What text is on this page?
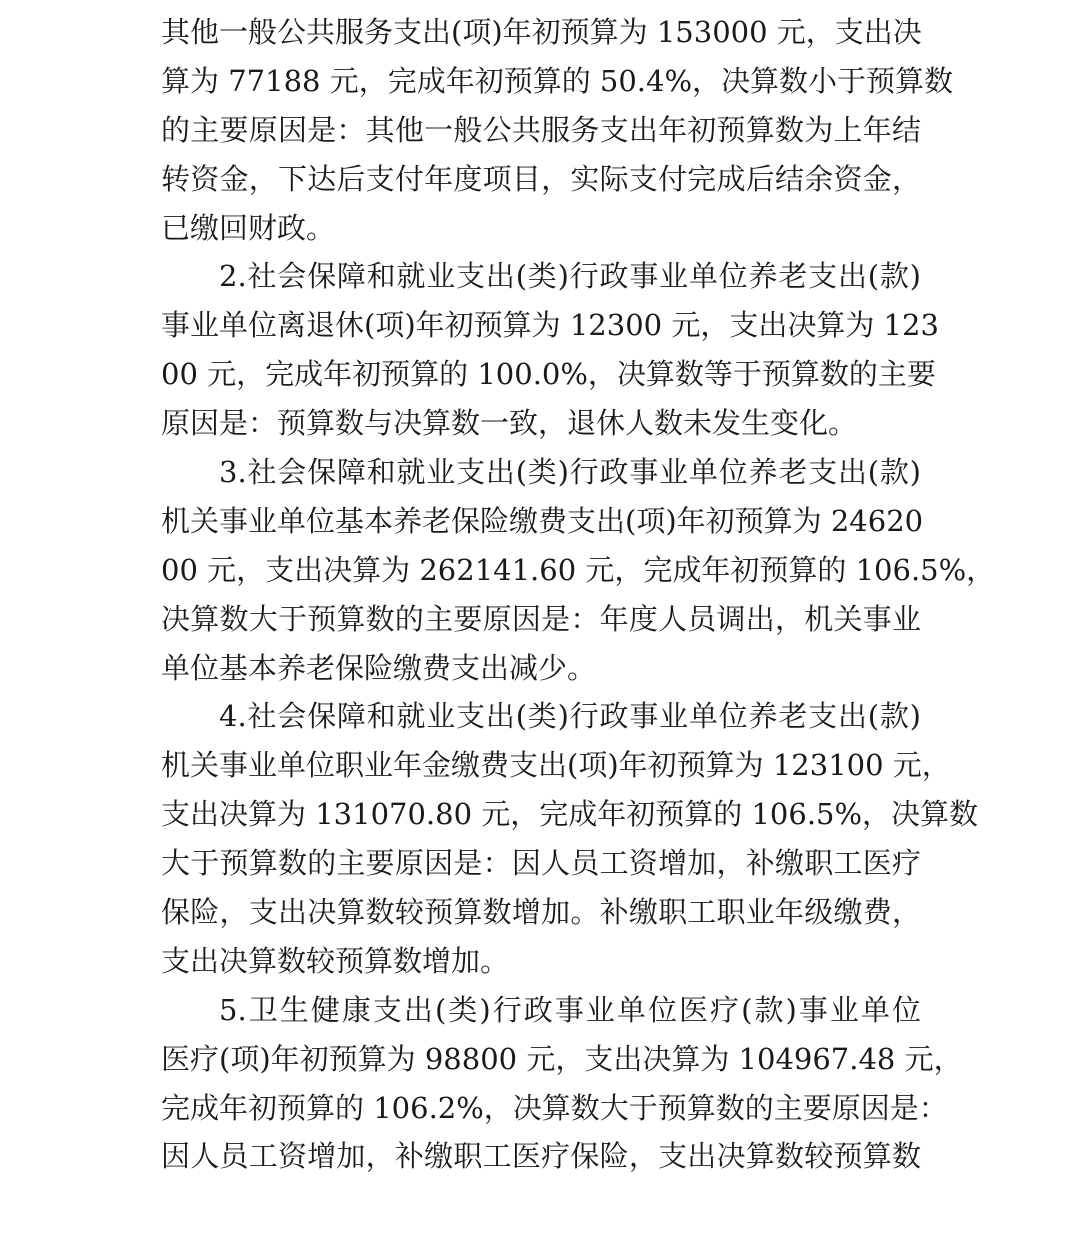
其他一般公共服务支出(项)年初预算为 153000 元，支出决
算为 77188 元，完成年初预算的 50.4%，决算数小于预算数
的主要原因是：其他一般公共服务支出年初预算数为上年结
转资金，下达后支付年度项目，实际支付完成后结余资金，
已缴回财政。
2.社会保障和就业支出(类)行政事业单位养老支出(款)
事业单位离退休(项)年初预算为 12300 元，支出决算为 123
00 元，完成年初预算的 100.0%，决算数等于预算数的主要
原因是：预算数与决算数一致，退休人数未发生变化。
3.社会保障和就业支出(类)行政事业单位养老支出(款)
机关事业单位基本养老保险缴费支出(项)年初预算为 24620
00 元，支出决算为 262141.60 元，完成年初预算的 106.5%，
决算数大于预算数的主要原因是：年度人员调出，机关事业
单位基本养老保险缴费支出减少。
4.社会保障和就业支出(类)行政事业单位养老支出(款)
机关事业单位职业年金缴费支出(项)年初预算为 123100 元，
支出决算为 131070.80 元，完成年初预算的 106.5%，决算数
大于预算数的主要原因是：因人员工资增加，补缴职工医疗
保险，支出决算数较预算数增加。补缴职工职业年级缴费，
支出决算数较预算数增加。
5.卫生健康支出(类)行政事业单位医疗(款)事业单位
医疗(项)年初预算为 98800 元，支出决算为 104967.48 元，
完成年初预算的 106.2%，决算数大于预算数的主要原因是：
因人员工资增加，补缴职工医疗保险，支出决算数较预算数
